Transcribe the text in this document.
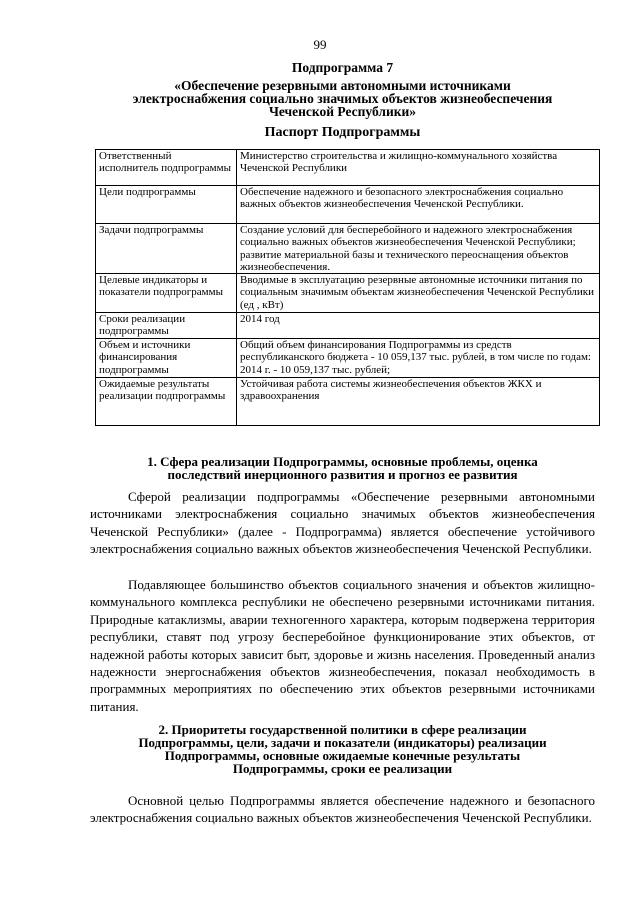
99

Подпрограмма 7

«Обеспечение резервными автономными источниками
электроснабжения социально значимых объектов жизнеобеспечения
Чеченской Республики»
Паспорт Подпрограммы
Ответственный исполнитель подпрограммы	Министерство строительства и жилищно-коммунального хозяйства Чеченской Республики
Цели подпрограммы	Обеспечение надежного и безопасного электроснабжения социально важных объектов жизнеобеспечения Чеченской Республики.
Задачи подпрограммы	Создание условий для бесперебойного и надежного электроснабжения социально важных объектов жизнеобеспечения Чеченской Республики; развитие материальной базы и технического переоснащения объектов жизнеобеспечения.
Целевые индикаторы и показатели подпрограммы	Вводимые в эксплуатацию резервные автономные источники питания по социальным значимым объектам жизнеобеспечения Чеченской Республики (ед , кВт)
Сроки реализации подпрограммы	2014 год
Объем и источники финансирования подпрограммы	Общий объем финансирования Подпрограммы из средств республиканского бюджета - 10 059,137 тыс. рублей, в том числе по годам: 2014 г. - 10 059,137 тыс. рублей;
Ожидаемые результаты реализации подпрограммы	Устойчивая работа системы жизнеобеспечения объектов ЖКХ и здравоохранения
1. Сфера реализации Подпрограммы, основные проблемы, оценка
последствий инерционного развития и прогноз ее развития

Сферой реализации подпрограммы «Обеспечение резервными автономными источниками электроснабжения социально значимых объектов жизнеобеспечения Чеченской Республики» (далее - Подпрограмма) является обеспечение устойчивого электроснабжения социально важных объектов жизнеобеспечения Чеченской Республики.

Подавляющее большинство объектов социального значения и объектов жилищно-коммунального комплекса республики не обеспечено резервными источниками питания. Природные катаклизмы, аварии техногенного характера, которым подвержена территория республики, ставят под угрозу бесперебойное функционирование этих объектов, от надежной работы которых зависит быт, здоровье и жизнь населения. Проведенный анализ надежности энергоснабжения объектов жизнеобеспечения, показал необходимость в программных мероприятиях по обеспечению этих объектов резервными источниками питания.

2. Приоритеты государственной политики в сфере реализации
Подпрограммы, цели, задачи и показатели (индикаторы) реализации
Подпрограммы, основные ожидаемые конечные результаты
Подпрограммы, сроки ее реализации

Основной целью Подпрограммы является обеспечение надежного и безопасного электроснабжения социально важных объектов жизнеобеспечения Чеченской Республики.
